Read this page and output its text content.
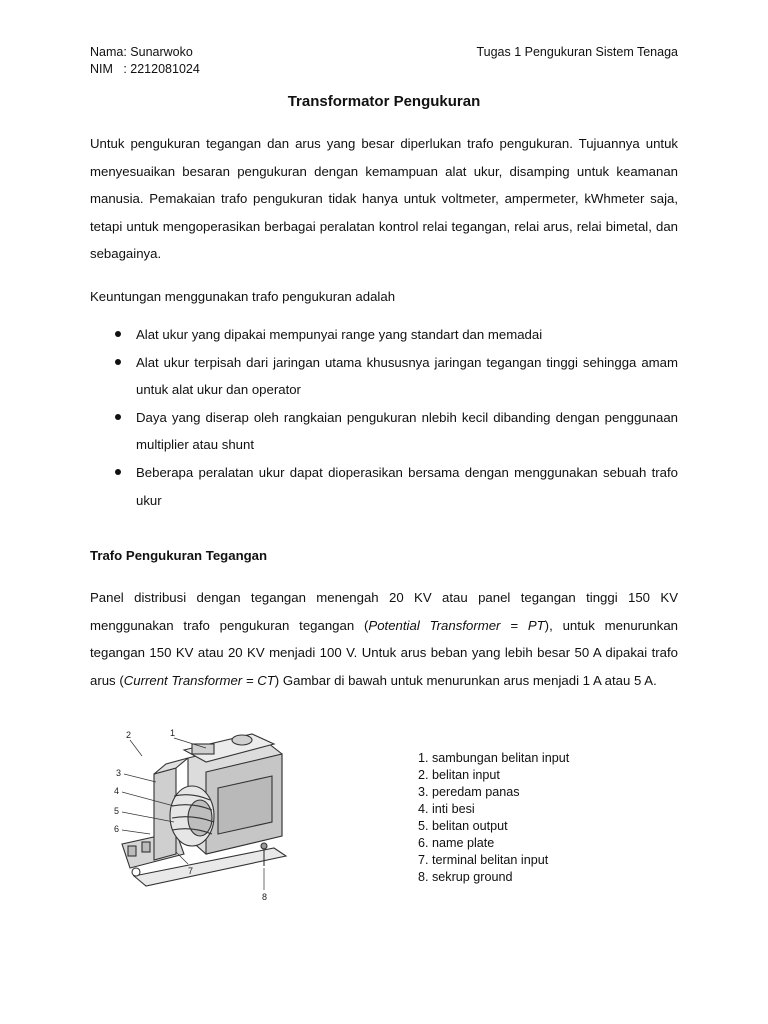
Nama: Sunarwoko	Tugas 1 Pengukuran Sistem Tenaga
NIM   : 2212081024
Transformator Pengukuran

Untuk pengukuran tegangan dan arus yang besar diperlukan trafo pengukuran. Tujuannya untuk menyesuaikan besaran pengukuran dengan kemampuan alat ukur, disamping untuk keamanan manusia. Pemakaian trafo pengukuran tidak hanya untuk voltmeter, ampermeter, kWhmeter saja, tetapi untuk mengoperasikan berbagai peralatan kontrol relai tegangan, relai arus, relai bimetal, dan sebagainya.

Keuntungan menggunakan trafo pengukuran adalah

Alat ukur yang dipakai mempunyai range yang standart dan memadai
Alat ukur terpisah dari jaringan utama khususnya jaringan tegangan tinggi sehingga amam untuk alat ukur dan operator
Daya yang diserap oleh rangkaian pengukuran nlebih kecil dibanding dengan penggunaan multiplier atau shunt
Beberapa peralatan ukur dapat dioperasikan bersama dengan menggunakan sebuah trafo ukur
Trafo Pengukuran Tegangan

Panel distribusi dengan tegangan menengah 20 KV atau panel tegangan tinggi 150 KV menggunakan trafo pengukuran tegangan (Potential Transformer = PT), untuk menurunkan tegangan 150 KV atau 20 KV menjadi 100 V. Untuk arus beban yang lebih besar 50 A dipakai trafo arus (Current Transformer = CT) Gambar di bawah untuk menurunkan arus menjadi 1 A atau 5 A.

2	1
3
4
5
6
7
8
1. sambungan belitan input
2. belitan input
3. peredam panas
4. inti besi
5. belitan output
6. name plate
7. terminal belitan input
8. sekrup ground
